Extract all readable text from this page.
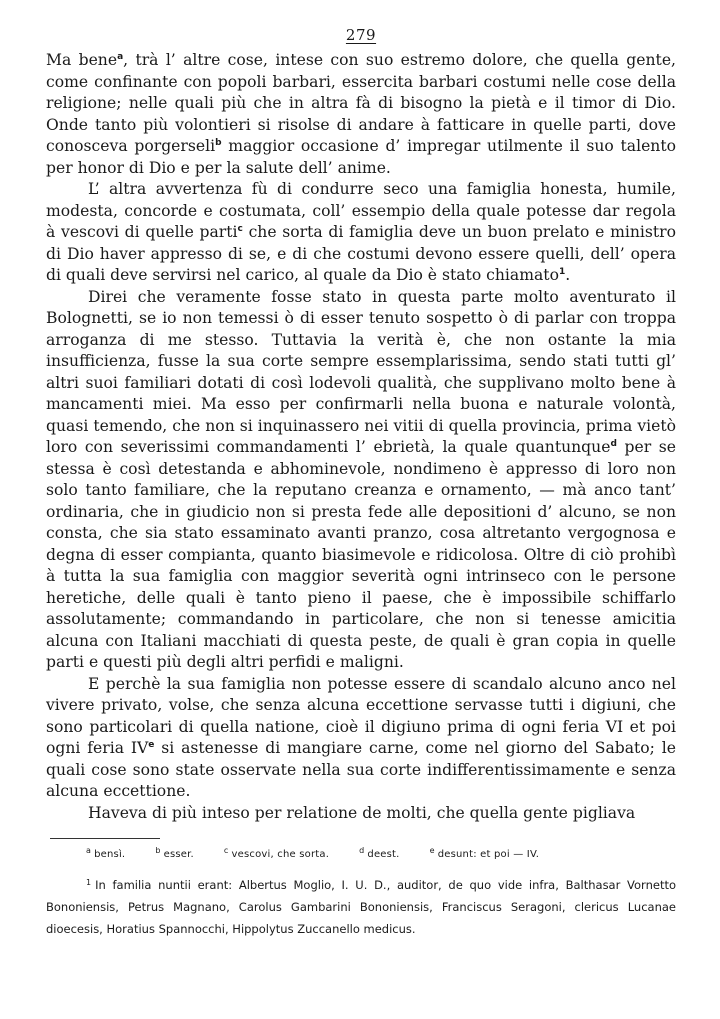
279

Ma bene$^a$, trà l’ altre cose, intese con suo estremo dolore, che quella gente, come confinante con popoli barbari, essercita barbari costumi nelle cose della religione; nelle quali più che in altra fà di bisogno la pietà e il timor di Dio. Onde tanto più volontieri si risolse di andare à fatticare in quelle parti, dove conosceva porgerseli$^b$ maggior occasione d’ impregar utilmente il suo talento per honor di Dio e per la salute dell’ anime.

L’ altra avvertenza fù di condurre seco una famiglia honesta, humile, modesta, concorde e costumata, coll’ essempio della quale potesse dar regola à vescovi di quelle parti$^c$ che sorta di famiglia deve un buon prelato e ministro di Dio haver appresso di se, e di che costumi devono essere quelli, dell’ opera di quali deve servirsi nel carico, al quale da Dio è stato chiamato$^1$.

Direi che veramente fosse stato in questa parte molto aventurato il Bolognetti, se io non temessi ò di esser tenuto sospetto ò di parlar con troppa arroganza di me stesso. Tuttavia la verità è, che non ostante la mia insufficienza, fusse la sua corte sempre essemplarissima, sendo stati tutti gl’ altri suoi familiari dotati di così lodevoli qualità, che supplivano molto bene à mancamenti miei. Ma esso per confirmarli nella buona e naturale volontà, quasi temendo, che non si inquinassero nei vitii di quella provincia, prima vietò loro con severissimi commandamenti l’ ebrietà, la quale quantunque$^d$ per se stessa è così detestanda e abhominevole, nondimeno è appresso di loro non solo tanto familiare, che la reputano creanza e ornamento, — mà anco tant’ ordinaria, che in giudicio non si presta fede alle depositioni d’ alcuno, se non consta, che sia stato essaminato avanti pranzo, cosa altretanto vergognosa e degna di esser compianta, quanto biasimevole e ridicolosa. Oltre di ciò prohibì à tutta la sua famiglia con maggior severità ogni intrinseco con le persone heretiche, delle quali è tanto pieno il paese, che è impossibile schiffarlo assolutamente; commandando in particolare, che non si tenesse amicitia alcuna con Italiani macchiati di questa peste, de quali è gran copia in quelle parti e questi più degli altri perfidi e maligni.

E perchè la sua famiglia non potesse essere di scandalo alcuno anco nel vivere privato, volse, che senza alcuna eccettione servasse tutti i digiuni, che sono particolari di quella natione, cioè il digiuno prima di ogni feria VI et poi ogni feria IVe si astenesse di mangiare carne, come nel giorno del Sabato; le quali cose sono state osservate nella sua corte indifferentissimamente e senza alcuna eccettione.

Haveva di più inteso per relatione de molti, che quella gente pigliava

$^a$ bensì.	$^b$ esser.	$^c$ vescovi, che sorta.	$^d$ deest.	$^e$ desunt: et poi — IV.

$^1$ In familia nuntii erant: Albertus Moglio, I. U. D., auditor, de quo vide infra, Balthasar Vornetto Bononiensis, Petrus Magnano, Carolus Gambarini Bononiensis, Franciscus Seragoni, clericus Lucanae dioecesis, Horatius Spannocchi, Hippolytus Zuccanello medicus.
